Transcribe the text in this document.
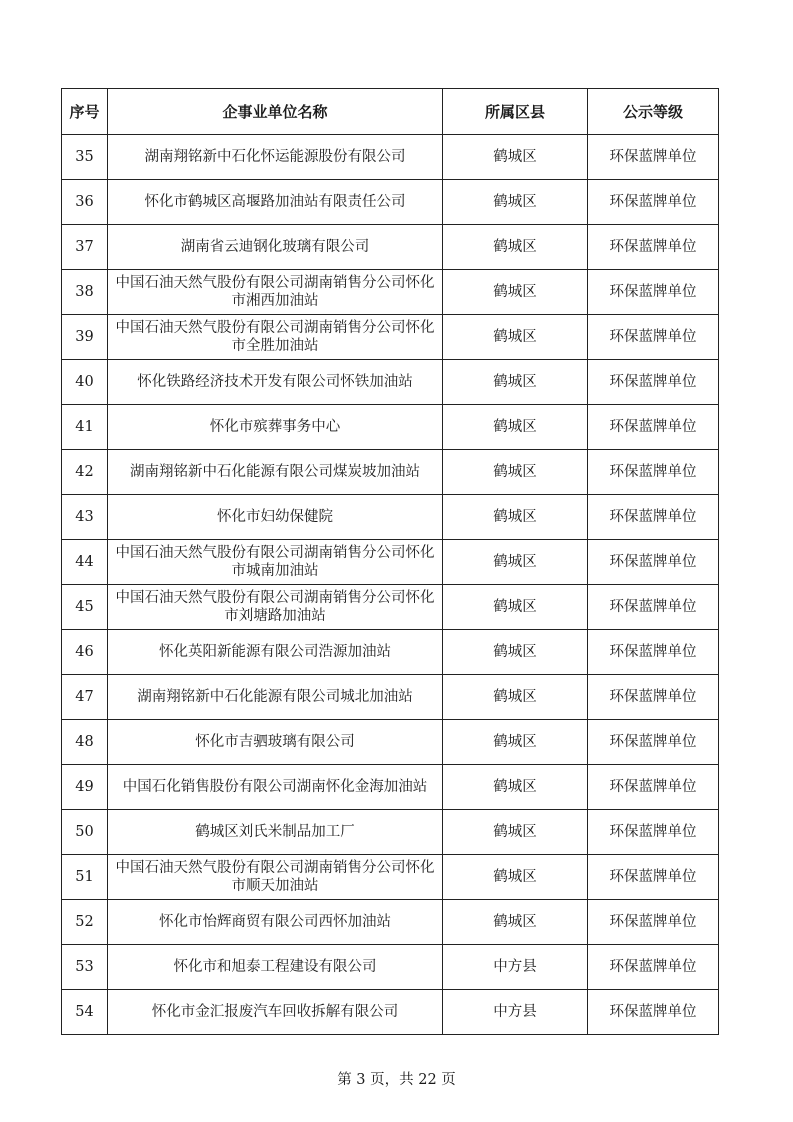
序号	企事业单位名称	所属区县	公示等级
35	湖南翔铭新中石化怀运能源股份有限公司	鹤城区	环保蓝牌单位
36	怀化市鹤城区高堰路加油站有限责任公司	鹤城区	环保蓝牌单位
37	湖南省云迪钢化玻璃有限公司	鹤城区	环保蓝牌单位
38	中国石油天然气股份有限公司湖南销售分公司怀化市湘西加油站	鹤城区	环保蓝牌单位
39	中国石油天然气股份有限公司湖南销售分公司怀化市全胜加油站	鹤城区	环保蓝牌单位
40	怀化铁路经济技术开发有限公司怀铁加油站	鹤城区	环保蓝牌单位
41	怀化市殡葬事务中心	鹤城区	环保蓝牌单位
42	湖南翔铭新中石化能源有限公司煤炭坡加油站	鹤城区	环保蓝牌单位
43	怀化市妇幼保健院	鹤城区	环保蓝牌单位
44	中国石油天然气股份有限公司湖南销售分公司怀化市城南加油站	鹤城区	环保蓝牌单位
45	中国石油天然气股份有限公司湖南销售分公司怀化市刘塘路加油站	鹤城区	环保蓝牌单位
46	怀化英阳新能源有限公司浩源加油站	鹤城区	环保蓝牌单位
47	湖南翔铭新中石化能源有限公司城北加油站	鹤城区	环保蓝牌单位
48	怀化市吉驷玻璃有限公司	鹤城区	环保蓝牌单位
49	中国石化销售股份有限公司湖南怀化金海加油站	鹤城区	环保蓝牌单位
50	鹤城区刘氏米制品加工厂	鹤城区	环保蓝牌单位
51	中国石油天然气股份有限公司湖南销售分公司怀化市顺天加油站	鹤城区	环保蓝牌单位
52	怀化市怡辉商贸有限公司西怀加油站	鹤城区	环保蓝牌单位
53	怀化市和旭泰工程建设有限公司	中方县	环保蓝牌单位
54	怀化市金汇报废汽车回收拆解有限公司	中方县	环保蓝牌单位
第 3 页，共 22 页
